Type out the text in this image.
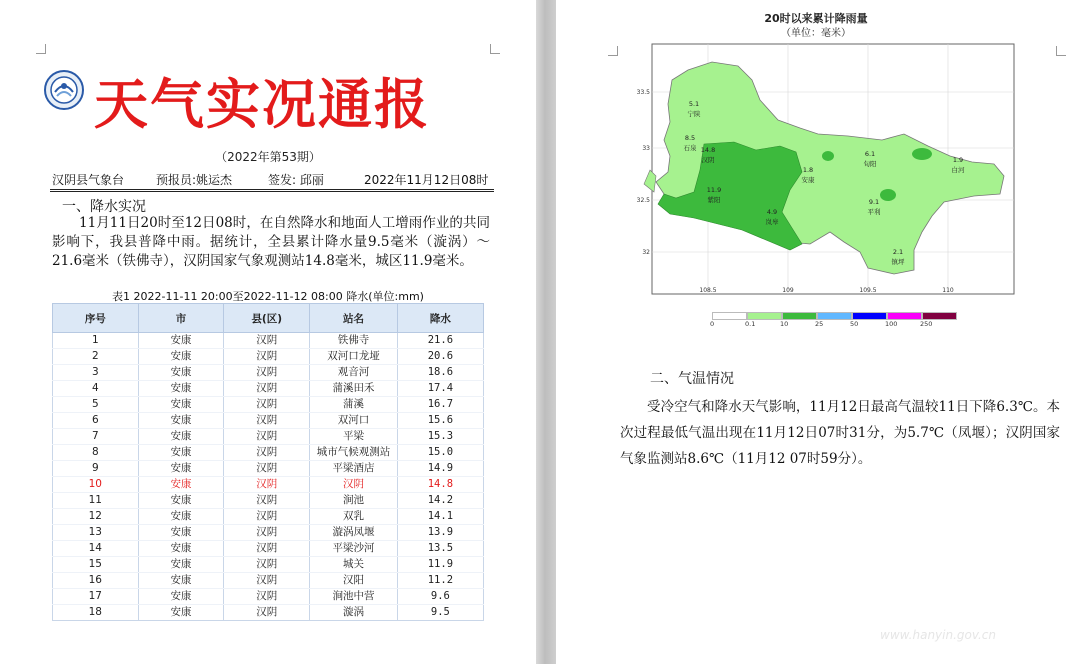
天气实况通报
（2022年第53期）
汉阴县气象台	预报员:姚运杰	签发: 邱丽	2022年11月12日08时
一、降水实况
11月11日20时至12日08时，在自然降水和地面人工增雨作业的共同影响下，我县普降中雨。据统计，全县累计降水量9.5毫米（漩涡）～21.6毫米（铁佛寺），汉阴国家气象观测站14.8毫米，城区11.9毫米。
表1 2022-11-11 20:00至2022-11-12 08:00 降水(单位:mm)
序号	市	县(区)	站名	降水
1	安康	汉阴	铁佛寺	21.6
2	安康	汉阴	双河口龙垭	20.6
3	安康	汉阴	观音河	18.6
4	安康	汉阴	蒲溪田禾	17.4
5	安康	汉阴	蒲溪	16.7
6	安康	汉阴	双河口	15.6
7	安康	汉阴	平梁	15.3
8	安康	汉阴	城市气候观测站	15.0
9	安康	汉阴	平梁酒店	14.9
10	安康	汉阴	汉阴	14.8
11	安康	汉阴	涧池	14.2
12	安康	汉阴	双乳	14.1
13	安康	汉阴	漩涡凤堰	13.9
14	安康	汉阴	平梁沙河	13.5
15	安康	汉阴	城关	11.9
16	安康	汉阴	汉阳	11.2
17	安康	汉阴	涧池中营	9.6
18	安康	汉阴	漩涡	9.5
20时以来累计降雨量
（单位：毫米）
5.1
宁陕
8.5
石泉 14.8
汉阴
11.9
紫阳
1.8
安康
6.1
旬阳	1.9
白河
4.9
岚皋
9.1
平利
2.1
镇坪
33.5
33
32.5
32
108.5	109	109.5	110
0	0.1	10	25	50	100	250
二、气温情况
受冷空气和降水天气影响，11月12日最高气温较11日下降6.3℃。本次过程最低气温出现在11月12日07时31分，为5.7℃（凤堰）；汉阴国家气象监测站8.6℃（11月12 07时59分）。
www.hanyin.gov.cn
